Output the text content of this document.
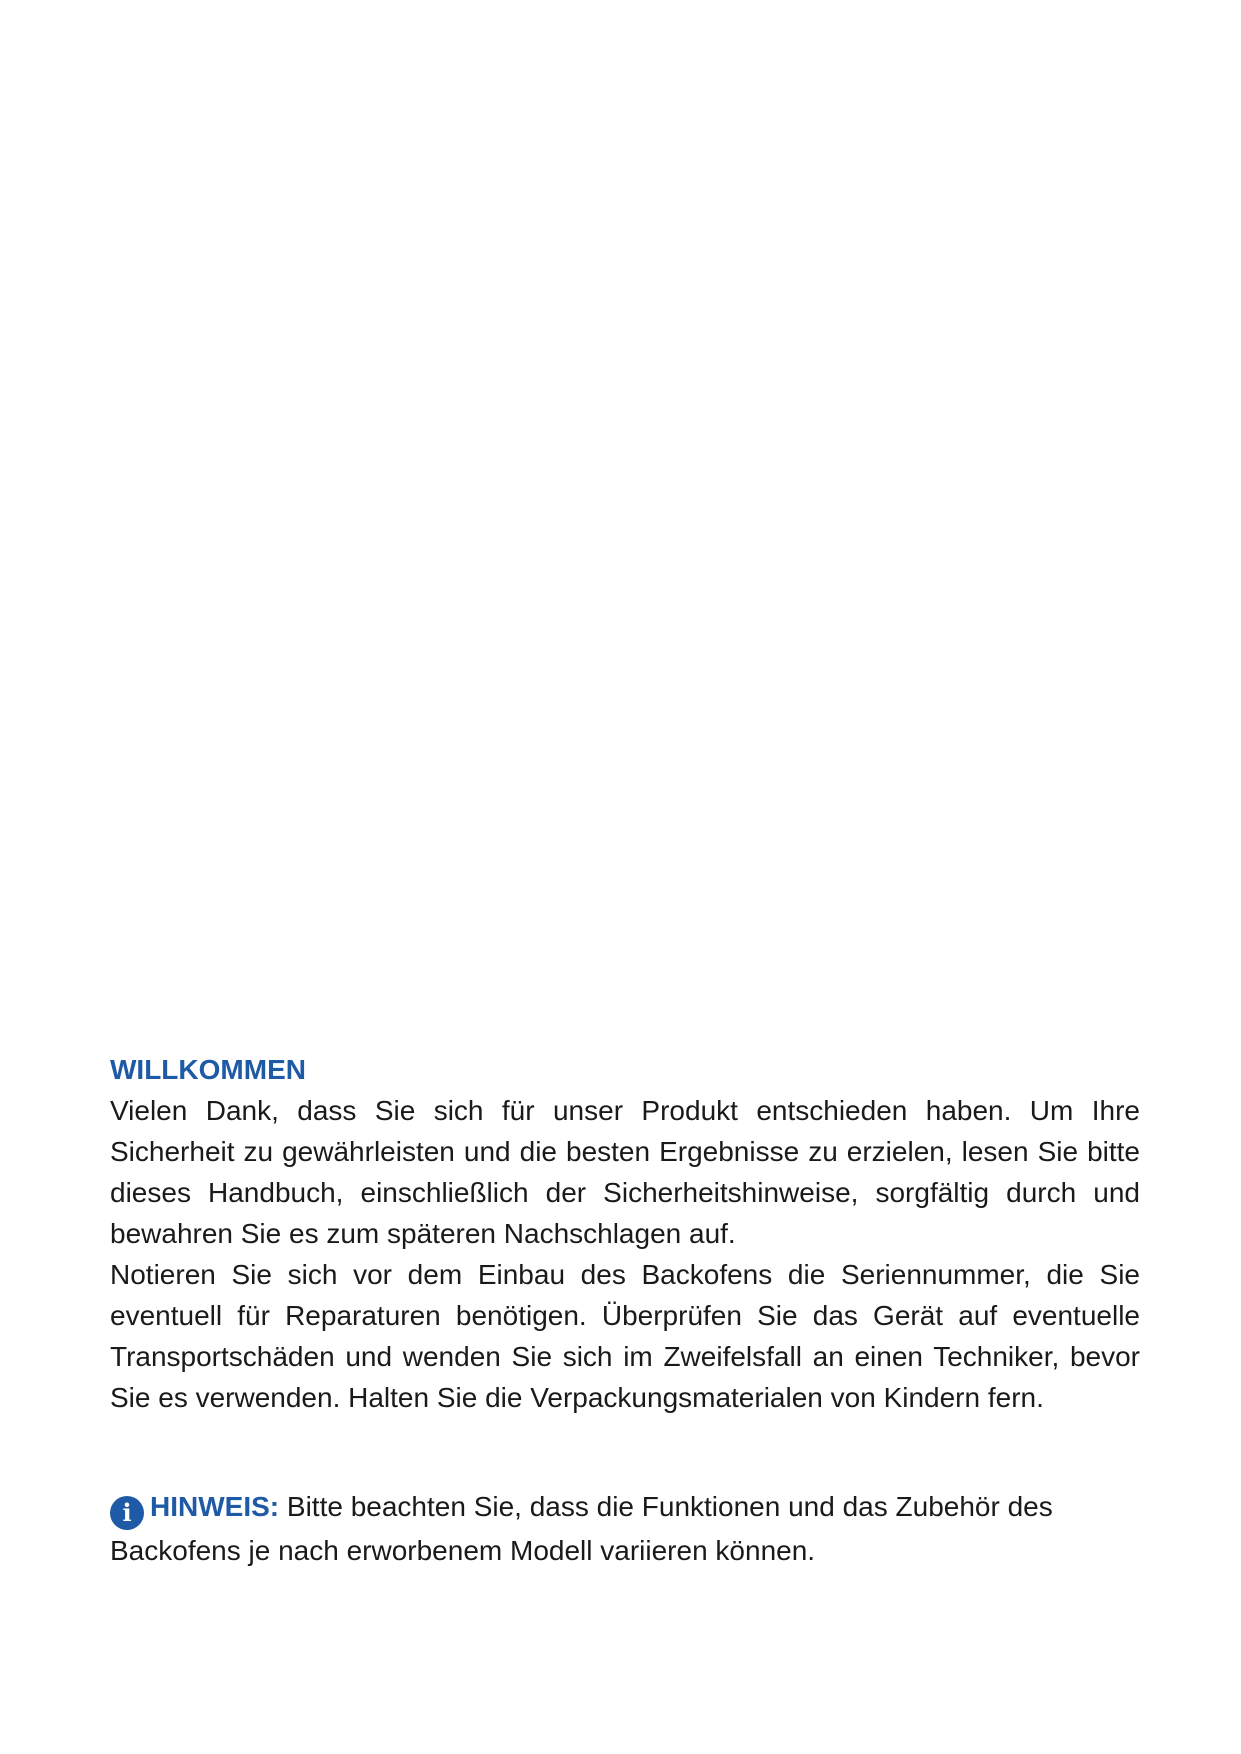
WILLKOMMEN

Vielen Dank, dass Sie sich für unser Produkt entschieden haben. Um Ihre Sicherheit zu gewährleisten und die besten Ergebnisse zu erzielen, lesen Sie bitte dieses Handbuch, einschließlich der Sicherheitshinweise, sorgfältig durch und bewahren Sie es zum späteren Nachschlagen auf.

Notieren Sie sich vor dem Einbau des Backofens die Seriennummer, die Sie eventuell für Reparaturen benötigen. Überprüfen Sie das Gerät auf eventuelle Transportschäden und wenden Sie sich im Zweifelsfall an einen Techniker, bevor Sie es verwenden. Halten Sie die Verpackungsmaterialen von Kindern fern.

i HINWEIS: Bitte beachten Sie, dass die Funktionen und das Zubehör des Backofens je nach erworbenem Modell variieren können.
